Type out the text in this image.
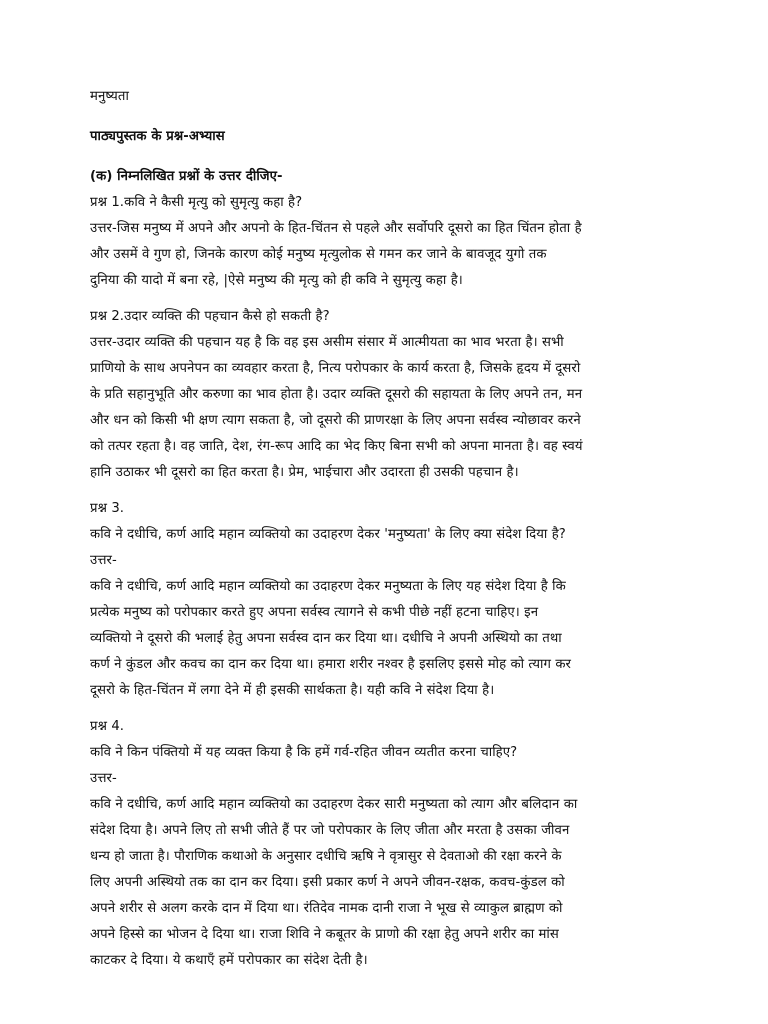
मनुष्यता
पाठ्यपुस्तक के प्रश्न-अभ्यास
(क) निम्नलिखित प्रश्नों के उत्तर दीजिए-
प्रश्न 1.कवि ने कैसी मृत्यु को सुमृत्यु कहा है?
उत्तर-जिस मनुष्य में अपने और अपनो के हित-चिंतन से पहले और सर्वोपरि दूसरो का हित चिंतन होता है
और उसमें वे गुण हो, जिनके कारण कोई मनुष्य मृत्युलोक से गमन कर जाने के बावजूद युगो तक
दुनिया की यादो में बना रहे, |ऐसे मनुष्य की मृत्यु को ही कवि ने सुमृत्यु कहा है।
प्रश्न 2.उदार व्यक्ति की पहचान कैसे हो सकती है?
उत्तर-उदार व्यक्ति की पहचान यह है कि वह इस असीम संसार में आत्मीयता का भाव भरता है। सभी
प्राणियो के साथ अपनेपन का व्यवहार करता है, नित्य परोपकार के कार्य करता है, जिसके हृदय में दूसरो
के प्रति सहानुभूति और करुणा का भाव होता है। उदार व्यक्ति दूसरो की सहायता के लिए अपने तन, मन
और धन को किसी भी क्षण त्याग सकता है, जो दूसरो की प्राणरक्षा के लिए अपना सर्वस्व न्योछावर करने
को तत्पर रहता है। वह जाति, देश, रंग-रूप आदि का भेद किए बिना सभी को अपना मानता है। वह स्वयं
हानि उठाकर भी दूसरो का हित करता है। प्रेम, भाईचारा और उदारता ही उसकी पहचान है।
प्रश्न 3.
कवि ने दधीचि, कर्ण आदि महान व्यक्तियो का उदाहरण देकर 'मनुष्यता' के लिए क्या संदेश दिया है?
उत्तर-
कवि ने दधीचि, कर्ण आदि महान व्यक्तियो का उदाहरण देकर मनुष्यता के लिए यह संदेश दिया है कि
प्रत्येक मनुष्य को परोपकार करते हुए अपना सर्वस्व त्यागने से कभी पीछे नहीं हटना चाहिए। इन
व्यक्तियो ने दूसरो की भलाई हेतु अपना सर्वस्व दान कर दिया था। दधीचि ने अपनी अस्थियो का तथा
कर्ण ने कुंडल और कवच का दान कर दिया था। हमारा शरीर नश्वर है इसलिए इससे मोह को त्याग कर
दूसरो के हित-चिंतन में लगा देने में ही इसकी सार्थकता है। यही कवि ने संदेश दिया है।
प्रश्न 4.
कवि ने किन पंक्तियो में यह व्यक्त किया है कि हमें गर्व-रहित जीवन व्यतीत करना चाहिए?
उत्तर-
कवि ने दधीचि, कर्ण आदि महान व्यक्तियो का उदाहरण देकर सारी मनुष्यता को त्याग और बलिदान का
संदेश दिया है। अपने लिए तो सभी जीते हैं पर जो परोपकार के लिए जीता और मरता है उसका जीवन
धन्य हो जाता है। पौराणिक कथाओ के अनुसार दधीचि ऋषि ने वृत्रासुर से देवताओ की रक्षा करने के
लिए अपनी अस्थियो तक का दान कर दिया। इसी प्रकार कर्ण ने अपने जीवन-रक्षक, कवच-कुंडल को
अपने शरीर से अलग करके दान में दिया था। रंतिदेव नामक दानी राजा ने भूख से व्याकुल ब्राह्मण को
अपने हिस्से का भोजन दे दिया था। राजा शिवि ने कबूतर के प्राणो की रक्षा हेतु अपने शरीर का मांस
काटकर दे दिया। ये कथाएँ हमें परोपकार का संदेश देती है।
